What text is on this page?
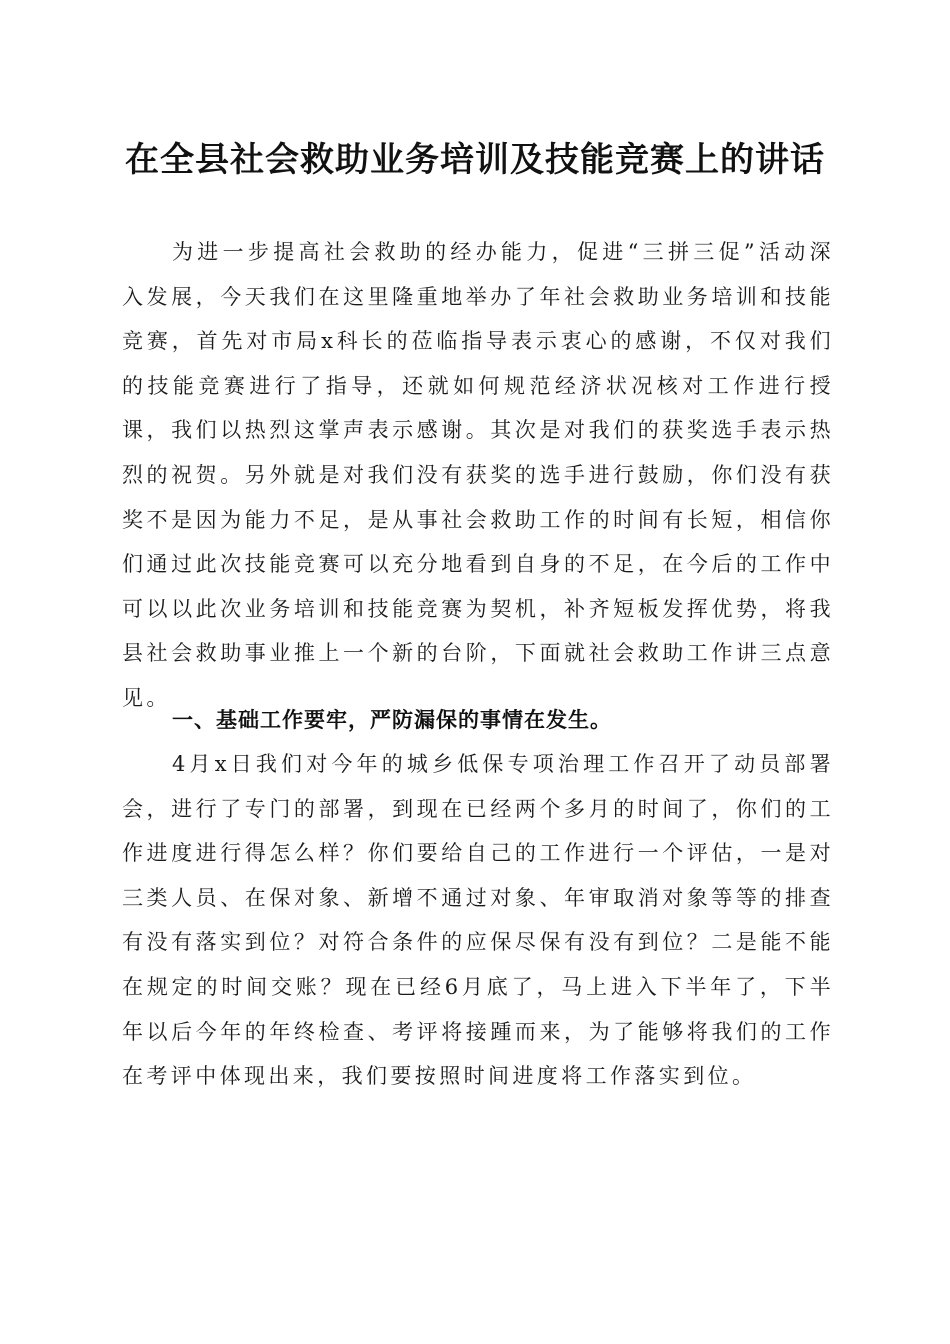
在全县社会救助业务培训及技能竞赛上的讲话
为进一步提高社会救助的经办能力，促进“三拼三促”活动深入发展，今天我们在这里隆重地举办了年社会救助业务培训和技能竞赛，首先对市局x科长的莅临指导表示衷心的感谢，不仅对我们的技能竞赛进行了指导，还就如何规范经济状况核对工作进行授课，我们以热烈这掌声表示感谢。其次是对我们的获奖选手表示热烈的祝贺。另外就是对我们没有获奖的选手进行鼓励，你们没有获奖不是因为能力不足，是从事社会救助工作的时间有长短，相信你们通过此次技能竞赛可以充分地看到自身的不足，在今后的工作中可以以此次业务培训和技能竞赛为契机，补齐短板发挥优势，将我县社会救助事业推上一个新的台阶，下面就社会救助工作讲三点意见。
一、基础工作要牢，严防漏保的事情在发生。
4月x日我们对今年的城乡低保专项治理工作召开了动员部署会，进行了专门的部署，到现在已经两个多月的时间了，你们的工作进度进行得怎么样？你们要给自己的工作进行一个评估，一是对三类人员、在保对象、新增不通过对象、年审取消对象等等的排查有没有落实到位？对符合条件的应保尽保有没有到位？二是能不能在规定的时间交账？现在已经6月底了，马上进入下半年了，下半年以后今年的年终检查、考评将接踵而来，为了能够将我们的工作在考评中体现出来，我们要按照时间进度将工作落实到位。
